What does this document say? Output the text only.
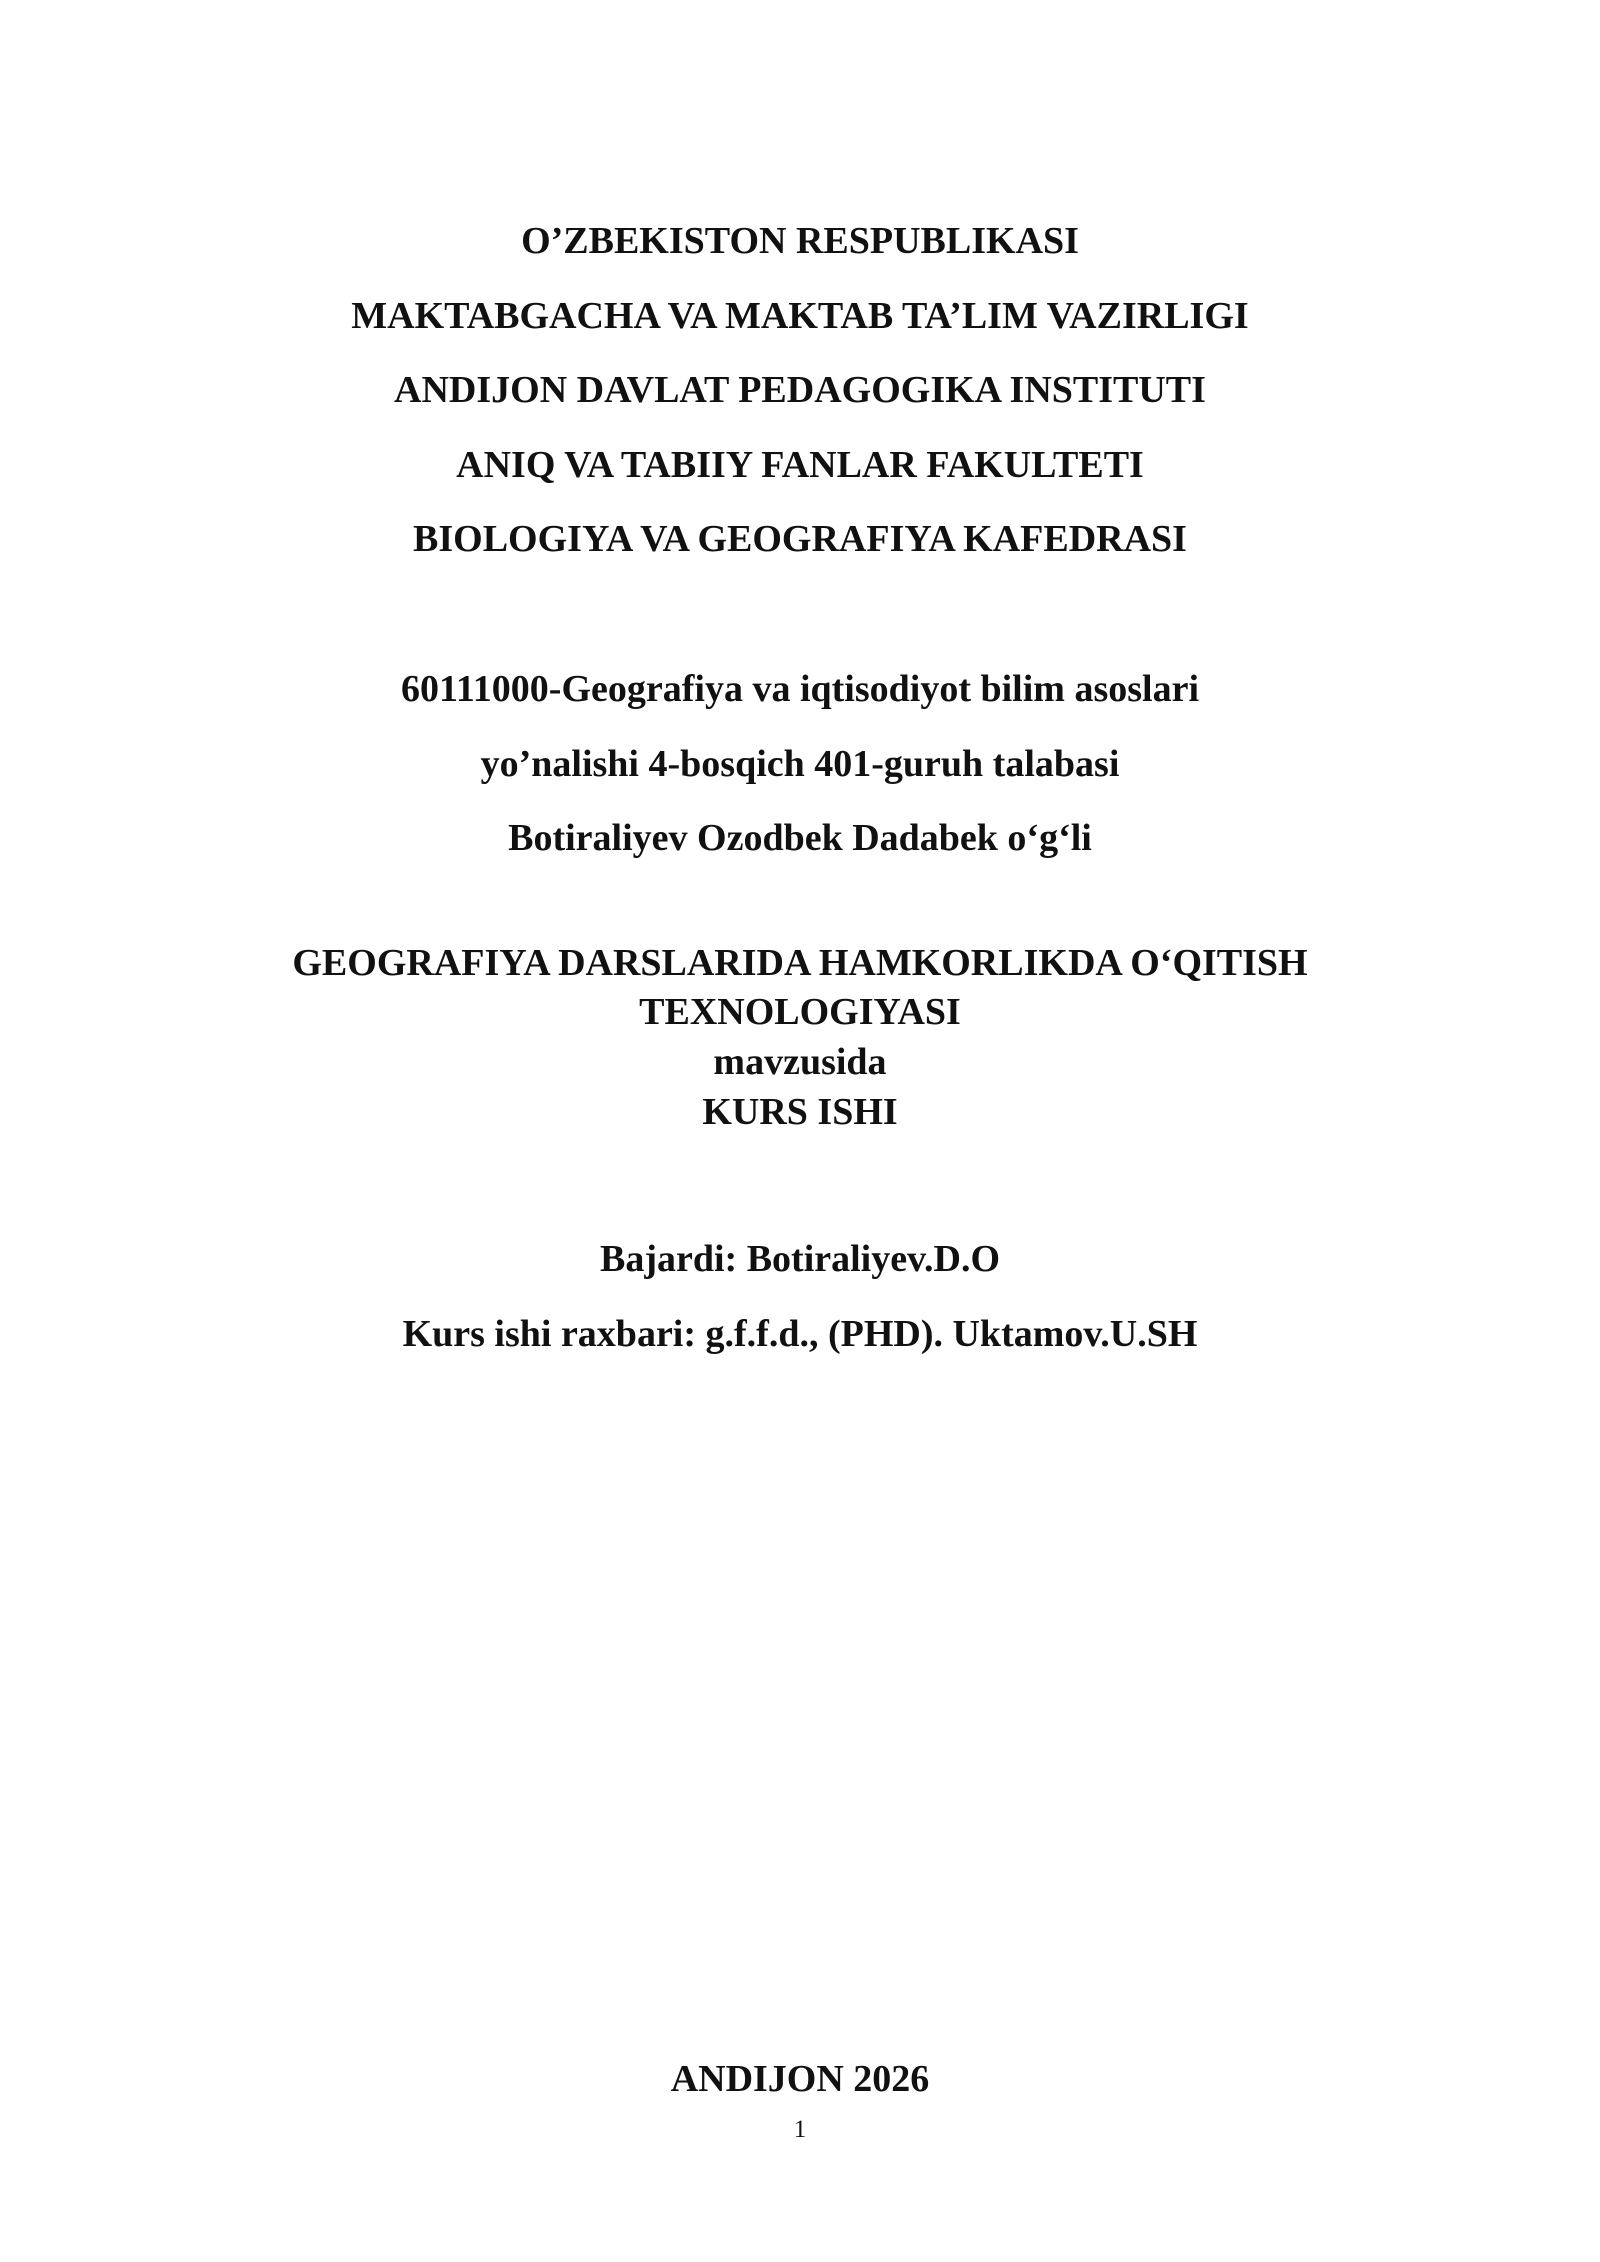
O’ZBEKISTON RESPUBLIKASI
MAKTABGACHA VA MAKTAB TA’LIM VAZIRLIGI
ANDIJON DAVLAT PEDAGOGIKA INSTITUTI
ANIQ VA TABIIY FANLAR FAKULTETI
BIOLOGIYA VA GEOGRAFIYA KAFEDRASI
60111000-Geografiya va iqtisodiyot bilim asoslari
yo’nalishi 4-bosqich 401-guruh talabasi
Botiraliyev Ozodbek Dadabek o‘g‘li
GEOGRAFIYA DARSLARIDA HAMKORLIKDA O‘QITISH
TEXNOLOGIYASI
mavzusida
KURS ISHI
Bajardi: Botiraliyev.D.O
Kurs ishi raxbari: g.f.f.d., (PHD). Uktamov.U.SH
ANDIJON 2026
1
